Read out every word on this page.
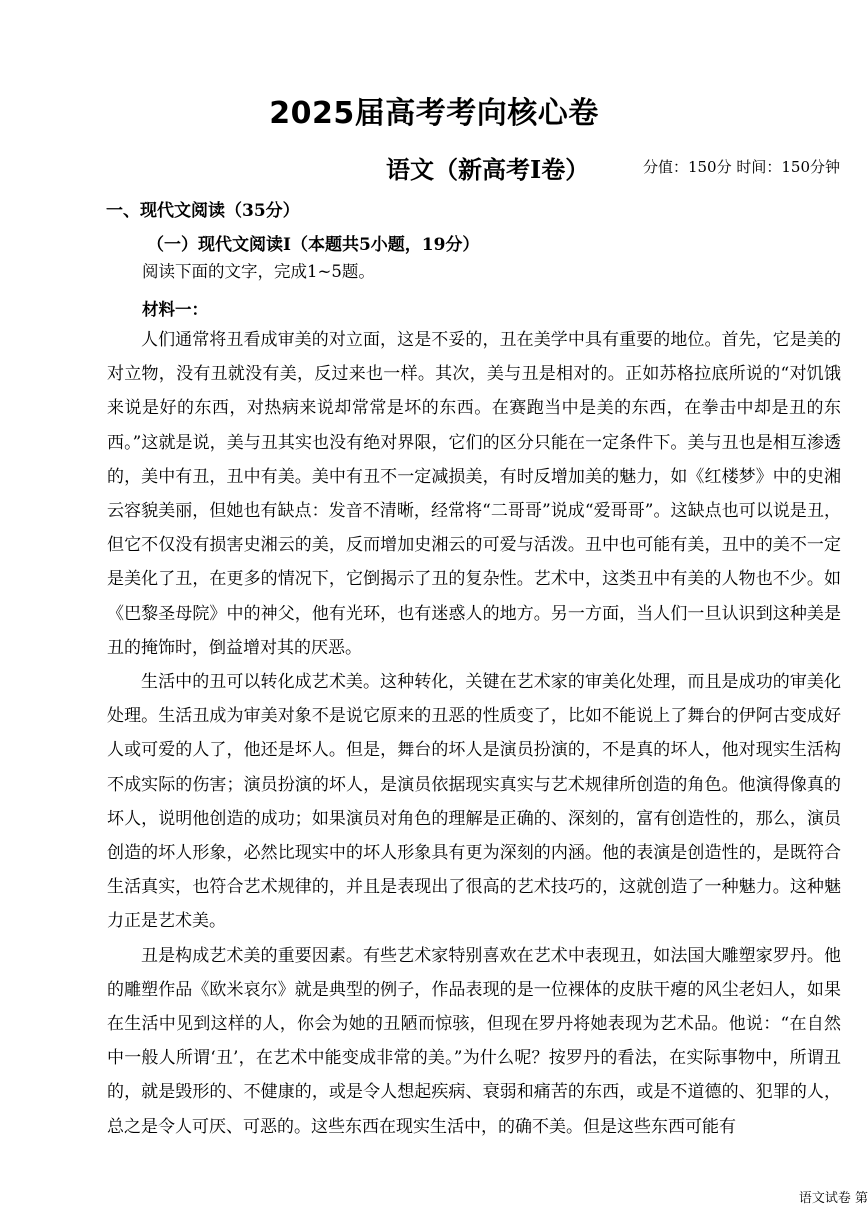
2025届高考考向核心卷
语文（新高考Ⅰ卷）	分值：150分 时间：150分钟
一、现代文阅读（35分）
（一）现代文阅读Ⅰ（本题共5小题，19分）
阅读下面的文字，完成1~5题。
材料一：

人们通常将丑看成审美的对立面，这是不妥的，丑在美学中具有重要的地位。首先，它是美的对立物，没有丑就没有美，反过来也一样。其次，美与丑是相对的。正如苏格拉底所说的“对饥饿来说是好的东西，对热病来说却常常是坏的东西。在赛跑当中是美的东西，在拳击中却是丑的东西。”这就是说，美与丑其实也没有绝对界限，它们的区分只能在一定条件下。美与丑也是相互渗透的，美中有丑，丑中有美。美中有丑不一定减损美，有时反增加美的魅力，如《红楼梦》中的史湘云容貌美丽，但她也有缺点：发音不清晰，经常将“二哥哥”说成“爱哥哥”。这缺点也可以说是丑，但它不仅没有损害史湘云的美，反而增加史湘云的可爱与活泼。丑中也可能有美，丑中的美不一定是美化了丑，在更多的情况下，它倒揭示了丑的复杂性。艺术中，这类丑中有美的人物也不少。如《巴黎圣母院》中的神父，他有光环，也有迷惑人的地方。另一方面，当人们一旦认识到这种美是丑的掩饰时，倒益增对其的厌恶。

生活中的丑可以转化成艺术美。这种转化，关键在艺术家的审美化处理，而且是成功的审美化处理。生活丑成为审美对象不是说它原来的丑恶的性质变了，比如不能说上了舞台的伊阿古变成好人或可爱的人了，他还是坏人。但是，舞台的坏人是演员扮演的，不是真的坏人，他对现实生活构不成实际的伤害；演员扮演的坏人，是演员依据现实真实与艺术规律所创造的角色。他演得像真的坏人，说明他创造的成功；如果演员对角色的理解是正确的、深刻的，富有创造性的，那么，演员创造的坏人形象，必然比现实中的坏人形象具有更为深刻的内涵。他的表演是创造性的，是既符合生活真实，也符合艺术规律的，并且是表现出了很高的艺术技巧的，这就创造了一种魅力。这种魅力正是艺术美。

丑是构成艺术美的重要因素。有些艺术家特别喜欢在艺术中表现丑，如法国大雕塑家罗丹。他的雕塑作品《欧米哀尔》就是典型的例子，作品表现的是一位裸体的皮肤干瘪的风尘老妇人，如果在生活中见到这样的人，你会为她的丑陋而惊骇，但现在罗丹将她表现为艺术品。他说：“在自然中一般人所谓‘丑’，在艺术中能变成非常的美。”为什么呢？按罗丹的看法，在实际事物中，所谓丑的，就是毁形的、不健康的，或是令人想起疾病、衰弱和痛苦的东西，或是不道德的、犯罪的人，总之是令人可厌、可恶的。这些东西在现实生活中，的确不美。但是这些东西可能有

语文试卷 第
